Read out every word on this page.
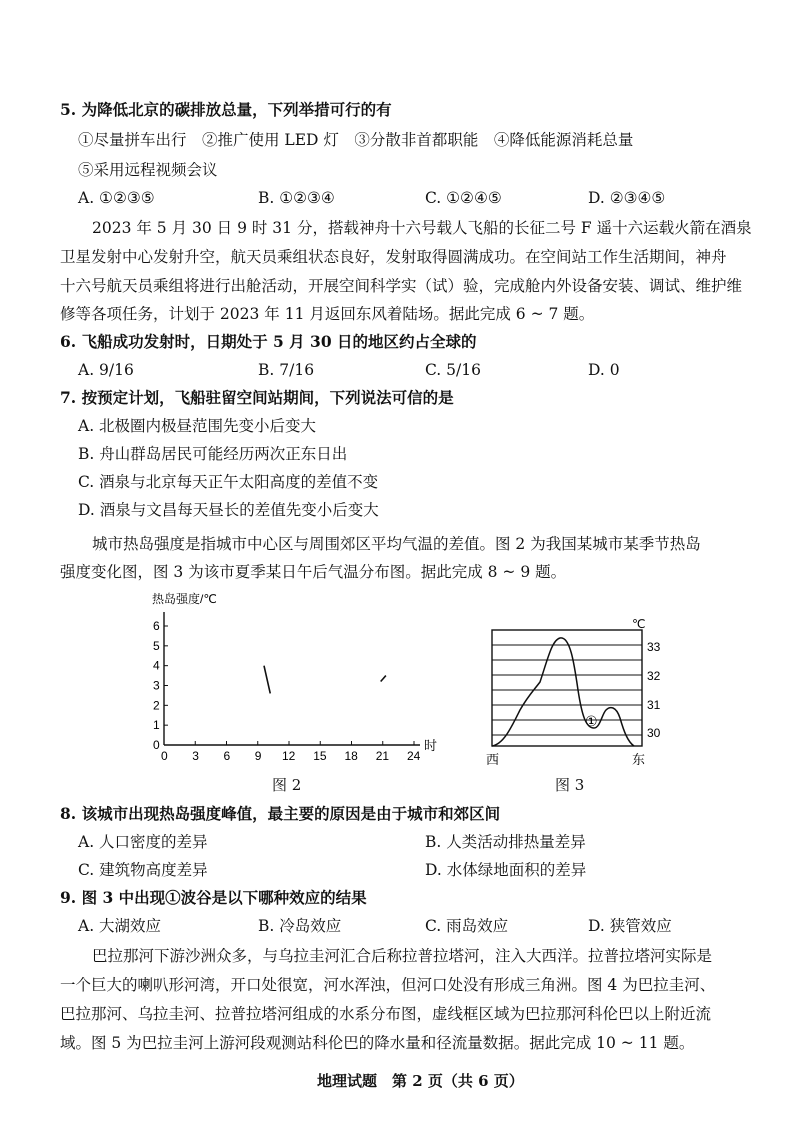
5. 为降低北京的碳排放总量，下列举措可行的有
①尽量拼车出行　②推广使用 LED 灯　③分散非首都职能　④降低能源消耗总量
⑤采用远程视频会议
A. ①②③⑤	B. ①②③④	C. ①②④⑤	D. ②③④⑤
2023 年 5 月 30 日 9 时 31 分，搭载神舟十六号载人飞船的长征二号 F 遥十六运载火箭在酒泉
卫星发射中心发射升空，航天员乘组状态良好，发射取得圆满成功。在空间站工作生活期间，神舟
十六号航天员乘组将进行出舱活动，开展空间科学实（试）验，完成舱内外设备安装、调试、维护维
修等各项任务，计划于 2023 年 11 月返回东风着陆场。据此完成 6 ~ 7 题。
6. 飞船成功发射时，日期处于 5 月 30 日的地区约占全球的
A. 9/16	B. 7/16	C. 5/16	D. 0
7. 按预定计划，飞船驻留空间站期间，下列说法可信的是
A. 北极圈内极昼范围先变小后变大
B. 舟山群岛居民可能经历两次正东日出
C. 酒泉与北京每天正午太阳高度的差值不变
D. 酒泉与文昌每天昼长的差值先变小后变大
城市热岛强度是指城市中心区与周围郊区平均气温的差值。图 2 为我国某城市某季节热岛
强度变化图，图 3 为该市夏季某日午后气温分布图。据此完成 8 ~ 9 题。
热岛强度/℃
0
1
2
3
4
5
6
0 3 6 9 12 15 18 21 24
时
图 2
℃
33
32
31
30
①
西	东
图 3
8. 该城市出现热岛强度峰值，最主要的原因是由于城市和郊区间
A. 人口密度的差异	B. 人类活动排热量差异
C. 建筑物高度差异	D. 水体绿地面积的差异
9. 图 3 中出现①波谷是以下哪种效应的结果
A. 大湖效应	B. 冷岛效应	C. 雨岛效应	D. 狭管效应
巴拉那河下游沙洲众多，与乌拉圭河汇合后称拉普拉塔河，注入大西洋。拉普拉塔河实际是
一个巨大的喇叭形河湾，开口处很宽，河水浑浊，但河口处没有形成三角洲。图 4 为巴拉圭河、
巴拉那河、乌拉圭河、拉普拉塔河组成的水系分布图，虚线框区域为巴拉那河科伦巴以上附近流
域。图 5 为巴拉圭河上游河段观测站科伦巴的降水量和径流量数据。据此完成 10 ~ 11 题。
地理试题　第 2 页（共 6 页）
